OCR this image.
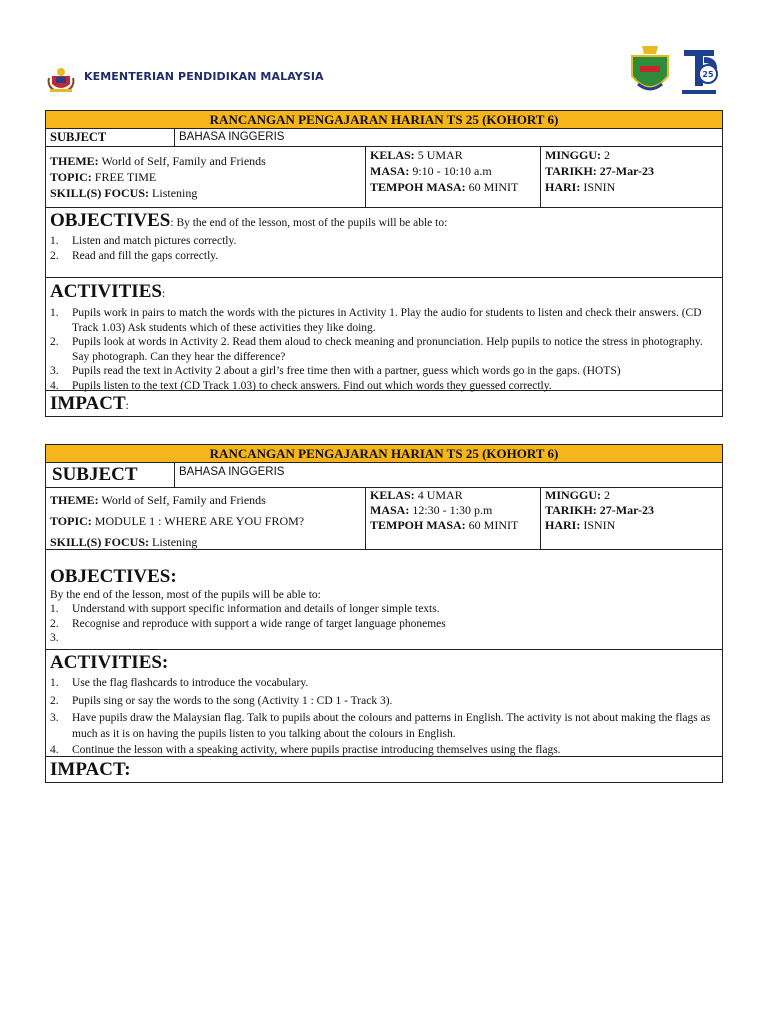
KEMENTERIAN PENDIDIKAN MALAYSIA	25
RANCANGAN PENGAJARAN HARIAN TS 25 (KOHORT 6)
SUBJECT	BAHASA INGGERIS
THEME: World of Self, Family and Friends
TOPIC: FREE TIME
SKILL(S) FOCUS: Listening
KELAS: 5 UMAR
MASA: 9:10 - 10:10 a.m
TEMPOH MASA: 60 MINIT
MINGGU: 2
TARIKH: 27-Mar-23
HARI: ISNIN
OBJECTIVES: By the end of the lesson, most of the pupils will be able to:
1.	Listen and match pictures correctly.
2.	Read and fill the gaps correctly.
ACTIVITIES:
1.	Pupils work in pairs to match the words with the pictures in Activity 1. Play the audio for students to listen and check their answers. (CD Track 1.03) Ask students which of these activities they like doing.
2.	Pupils look at words in Activity 2. Read them aloud to check meaning and pronunciation. Help pupils to notice the stress in photography. Say photograph. Can they hear the difference?
3.	Pupils read the text in Activity 2 about a girl’s free time then with a partner, guess which words go in the gaps. (HOTS)
4.	Pupils listen to the text (CD Track 1.03) to check answers. Find out which words they guessed correctly.
IMPACT:
RANCANGAN PENGAJARAN HARIAN TS 25 (KOHORT 6)
SUBJECT	BAHASA INGGERIS
THEME: World of Self, Family and Friends
TOPIC: MODULE 1 : WHERE ARE YOU FROM?
SKILL(S) FOCUS: Listening
KELAS: 4 UMAR
MASA: 12:30 - 1:30 p.m
TEMPOH MASA: 60 MINIT
MINGGU: 2
TARIKH: 27-Mar-23
HARI: ISNIN
OBJECTIVES:
By the end of the lesson, most of the pupils will be able to:
1.	Understand with support specific information and details of longer simple texts.
2.	Recognise and reproduce with support a wide range of target language phonemes
3.
ACTIVITIES:
1.	Use the flag flashcards to introduce the vocabulary.
2.	Pupils sing or say the words to the song (Activity 1 : CD 1 - Track 3).
3.	Have pupils draw the Malaysian flag. Talk to pupils about the colours and patterns in English. The activity is not about making the flags as much as it is on having the pupils listen to you talking about the colours in English.
4.	Continue the lesson with a speaking activity, where pupils practise introducing themselves using the flags.
IMPACT:
